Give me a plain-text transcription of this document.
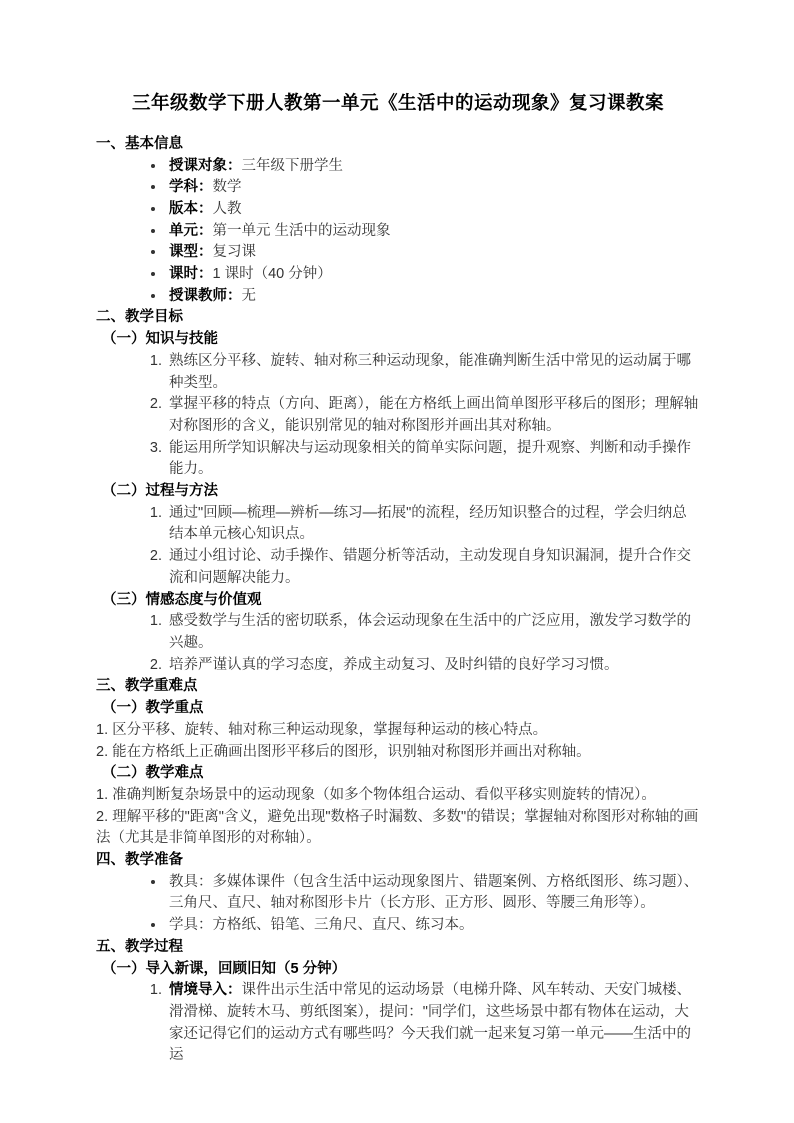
三年级数学下册人教第一单元《生活中的运动现象》复习课教案
一、基本信息
• 授课对象：三年级下册学生
• 学科：数学
• 版本：人教
• 单元：第一单元 生活中的运动现象
• 课型：复习课
• 课时：1 课时（40 分钟）
• 授课教师：无
二、教学目标
（一）知识与技能
1. 熟练区分平移、旋转、轴对称三种运动现象，能准确判断生活中常见的运动属于哪种类型。
2. 掌握平移的特点（方向、距离），能在方格纸上画出简单图形平移后的图形；理解轴对称图形的含义，能识别常见的轴对称图形并画出其对称轴。
3. 能运用所学知识解决与运动现象相关的简单实际问题，提升观察、判断和动手操作能力。
（二）过程与方法
1. 通过"回顾—梳理—辨析—练习—拓展"的流程，经历知识整合的过程，学会归纳总结本单元核心知识点。
2. 通过小组讨论、动手操作、错题分析等活动，主动发现自身知识漏洞，提升合作交流和问题解决能力。
（三）情感态度与价值观
1. 感受数学与生活的密切联系，体会运动现象在生活中的广泛应用，激发学习数学的兴趣。
2. 培养严谨认真的学习态度，养成主动复习、及时纠错的良好学习习惯。
三、教学重难点
（一）教学重点

1. 区分平移、旋转、轴对称三种运动现象，掌握每种运动的核心特点。

2. 能在方格纸上正确画出图形平移后的图形，识别轴对称图形并画出对称轴。

（二）教学难点

1. 准确判断复杂场景中的运动现象（如多个物体组合运动、看似平移实则旋转的情况）。

2. 理解平移的"距离"含义，避免出现"数格子时漏数、多数"的错误；掌握轴对称图形对称轴的画法（尤其是非简单图形的对称轴）。

四、教学准备
• 教具：多媒体课件（包含生活中运动现象图片、错题案例、方格纸图形、练习题）、三角尺、直尺、轴对称图形卡片（长方形、正方形、圆形、等腰三角形等）。
• 学具：方格纸、铅笔、三角尺、直尺、练习本。
五、教学过程
（一）导入新课，回顾旧知（5 分钟）
1. 情境导入：课件出示生活中常见的运动场景（电梯升降、风车转动、天安门城楼、滑滑梯、旋转木马、剪纸图案），提问："同学们，这些场景中都有物体在运动，大家还记得它们的运动方式有哪些吗？今天我们就一起来复习第一单元——生活中的运
